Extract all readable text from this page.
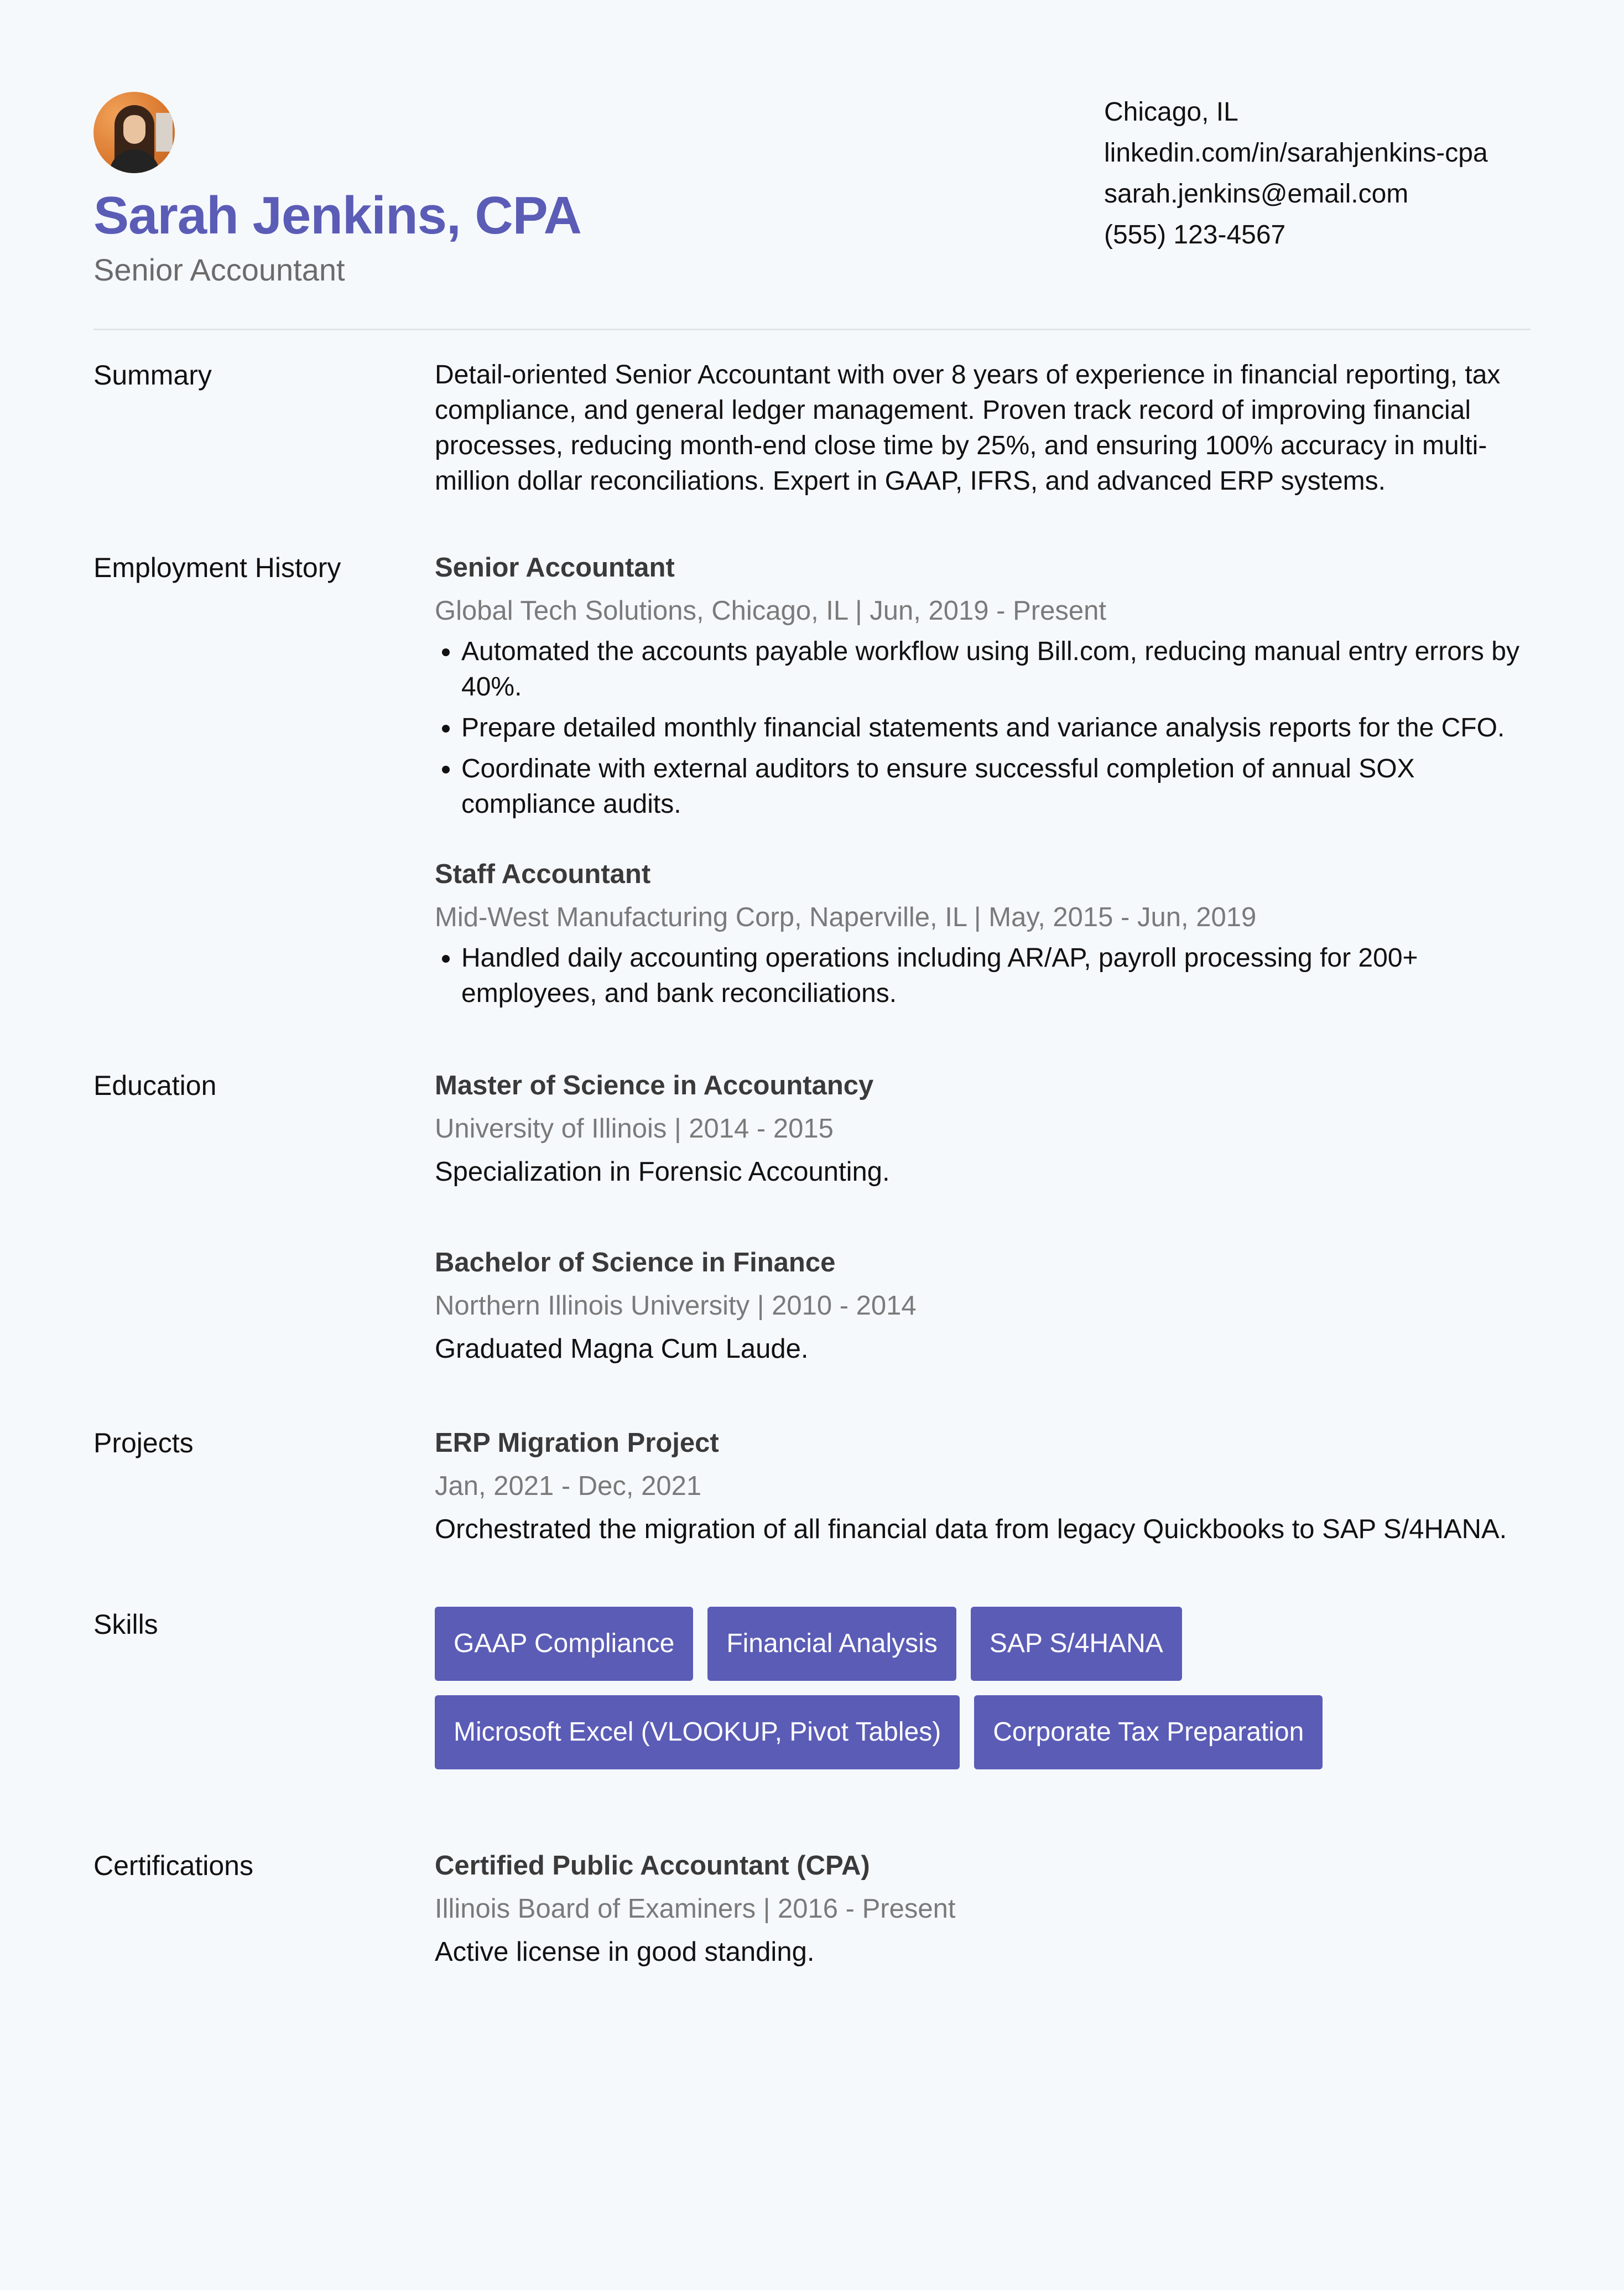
Sarah Jenkins, CPA
Senior Accountant
Chicago, IL
linkedin.com/in/sarahjenkins-cpa
sarah.jenkins@email.com
(555) 123-4567
Summary	Detail-oriented Senior Accountant with over 8 years of experience in financial reporting, tax compliance, and general ledger management. Proven track record of improving financial processes, reducing month-end close time by 25%, and ensuring 100% accuracy in multi-million dollar reconciliations. Expert in GAAP, IFRS, and advanced ERP systems.
Employment History	Senior Accountant
Global Tech Solutions, Chicago, IL | Jun, 2019 - Present
• Automated the accounts payable workflow using Bill.com, reducing manual entry errors by 40%.
• Prepare detailed monthly financial statements and variance analysis reports for the CFO.
• Coordinate with external auditors to ensure successful completion of annual SOX compliance audits.
Staff Accountant
Mid-West Manufacturing Corp, Naperville, IL | May, 2015 - Jun, 2019
• Handled daily accounting operations including AR/AP, payroll processing for 200+ employees, and bank reconciliations.
Education	Master of Science in Accountancy
University of Illinois | 2014 - 2015
Specialization in Forensic Accounting.
Bachelor of Science in Finance
Northern Illinois University | 2010 - 2014
Graduated Magna Cum Laude.
Projects	ERP Migration Project
Jan, 2021 - Dec, 2021
Orchestrated the migration of all financial data from legacy Quickbooks to SAP S/4HANA.
Skills
GAAP Compliance	Financial Analysis	SAP S/4HANA
Microsoft Excel (VLOOKUP, Pivot Tables)	Corporate Tax Preparation
Certifications	Certified Public Accountant (CPA)
Illinois Board of Examiners | 2016 - Present
Active license in good standing.
